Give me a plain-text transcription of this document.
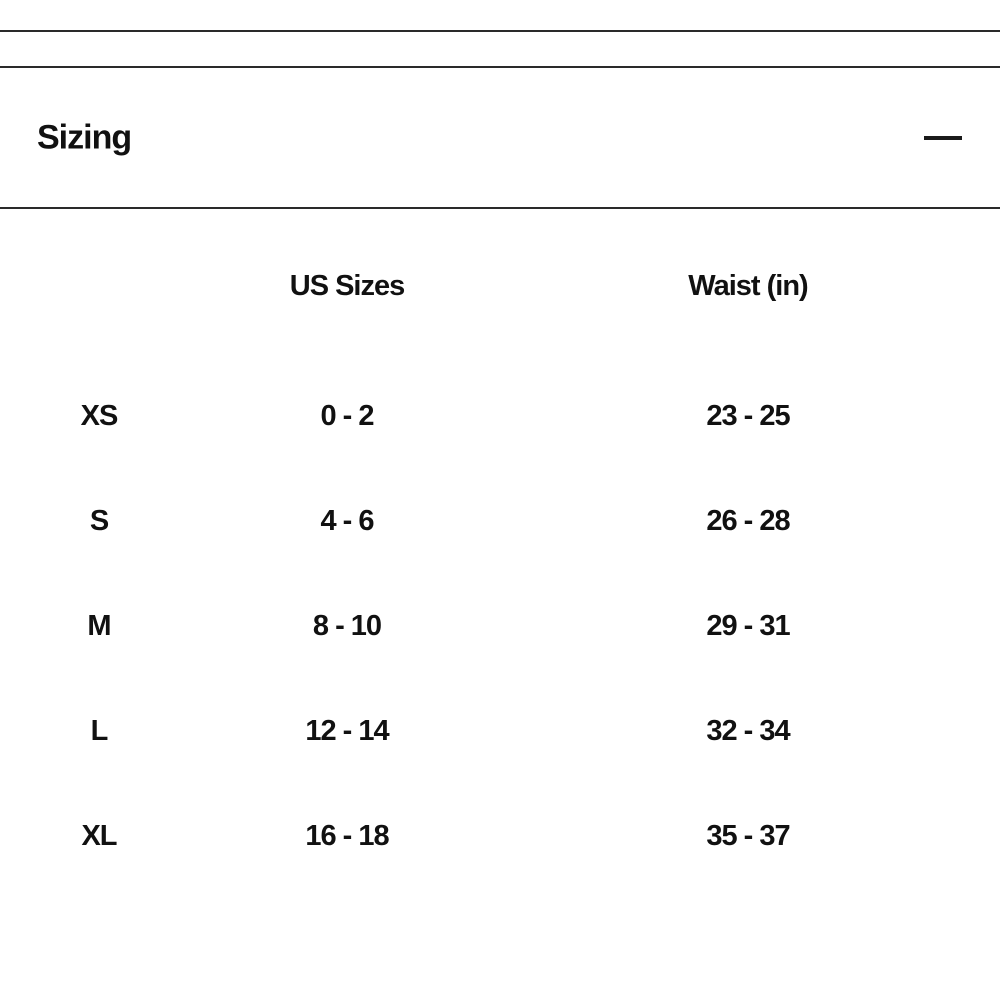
Sizing
	US Sizes	Waist (in)
XS	0 - 2	23 - 25
S	4 - 6	26 - 28
M	8 - 10	29 - 31
L	12 - 14	32 - 34
XL	16 - 18	35 - 37
